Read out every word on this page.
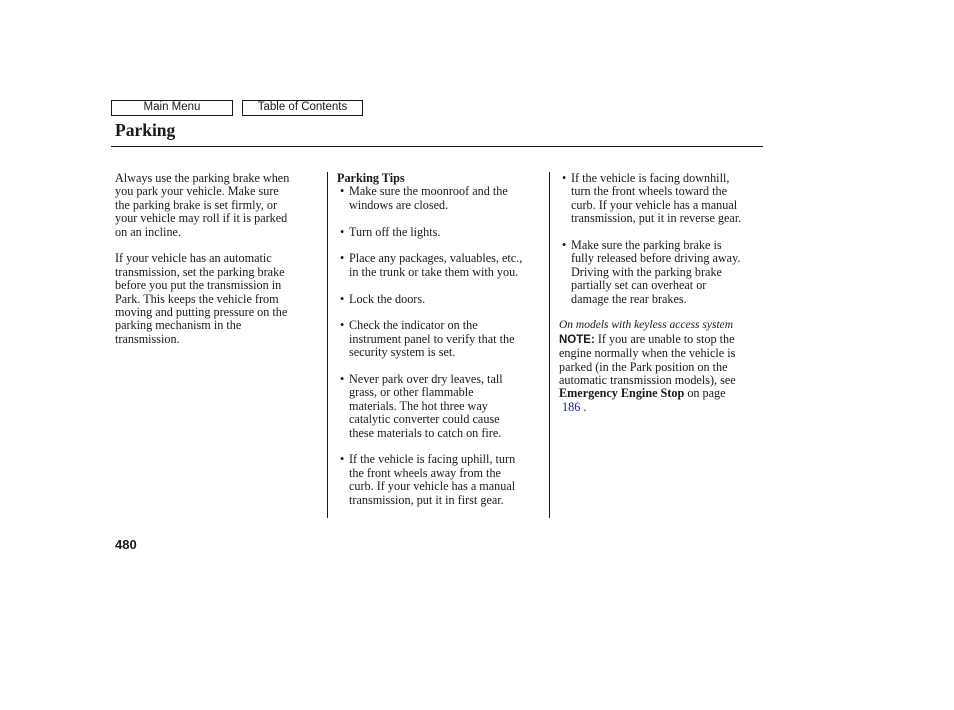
Main Menu	Table of Contents
Parking

Always use the parking brake when
you park your vehicle. Make sure
the parking brake is set firmly, or
your vehicle may roll if it is parked
on an incline.

If your vehicle has an automatic
transmission, set the parking brake
before you put the transmission in
Park. This keeps the vehicle from
moving and putting pressure on the
parking mechanism in the
transmission.

Parking Tips

• Make sure the moonroof and the
windows are closed.
• Turn off the lights.
• Place any packages, valuables, etc.,
in the trunk or take them with you.
• Lock the doors.
• Check the indicator on the
instrument panel to verify that the
security system is set.
• Never park over dry leaves, tall
grass, or other flammable
materials. The hot three way
catalytic converter could cause
these materials to catch on fire.
• If the vehicle is facing uphill, turn
the front wheels away from the
curb. If your vehicle has a manual
transmission, put it in first gear.
• If the vehicle is facing downhill,
turn the front wheels toward the
curb. If your vehicle has a manual
transmission, put it in reverse gear.
• Make sure the parking brake is
fully released before driving away.
Driving with the parking brake
partially set can overheat or
damage the rear brakes.

On models with keyless access system

NOTE: If you are unable to stop the
engine normally when the vehicle is
parked (in the Park position on the
automatic transmission models), see
Emergency Engine Stop on page
186 .

480
